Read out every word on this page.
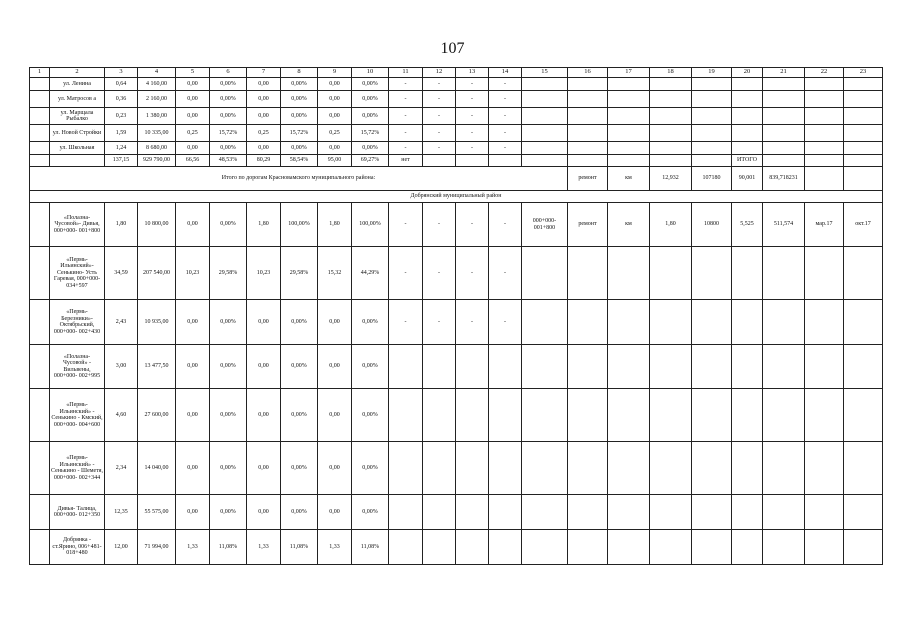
107
1	2	3	4	5	6	7	8	9	10	11	12	13	14	15	16	17	18	19	20	21	22	23
	ул. Ленина	0,64	4 160,00	0,00	0,00%	0,00	0,00%	0,00	0,00%	-	-	-	-									
	ул. Матросов а	0,36	2 160,00	0,00	0,00%	0,00	0,00%	0,00	0,00%	-	-	-	-									
	ул. Марщала Рыбалко	0,23	1 380,00	0,00	0,00%	0,00	0,00%	0,00	0,00%	-	-	-	-									
	ул. Новой Стройки	1,59	10 335,00	0,25	15,72%	0,25	15,72%	0,25	15,72%	-	-	-	-									
	ул. Школьная	1,24	8 680,00	0,00	0,00%	0,00	0,00%	0,00	0,00%	-	-	-	-									
		137,15	929 790,00	66,56	48,53%	80,29	58,54%	95,00	69,27%	нет									ИТОГО			
Итого по дорогам Красновамского муниципального района:															ремонт	км	12,932	107180	90,001	839,718231		
Добрянский муниципальный район																						
	«Полазна- Чусовой»- Дивья, 000+000- 001+800	1,80	10 800,00	0,00	0,00%	1,80	100,00%	1,80	100,00%	-	-	-	-	000+000- 001+800	ремонт	км	1,80	10800	5,525	511,574	мар.17	окт.17
	«Пермь- Ильинский»- Сенькино- Усть Гаревая, 000+000- 034+597	34,59	207 540,00	10,23	29,58%	10,23	29,58%	15,32	44,29%	-	-	-	-									
	«Пермь- Березники»- Октябрьский, 000+000- 002+430	2,43	10 935,00	0,00	0,00%	0,00	0,00%	0,00	0,00%	-	-	-	-									
	«Полазна- Чусовой» - Вильвены, 000+000- 002+995	3,00	13 477,50	0,00	0,00%	0,00	0,00%	0,00	0,00%													
	«Пермь- Ильинский» - Сенькино - Кмский, 000+000- 004+600	4,60	27 600,00	0,00	0,00%	0,00	0,00%	0,00	0,00%													
	«Пермь- Ильинский» - Сенькино - Шеметя, 000+000- 002+344	2,34	14 040,00	0,00	0,00%	0,00	0,00%	0,00	0,00%													
	Дивья- Талица, 000+000- 012+350	12,35	55 575,00	0,00	0,00%	0,00	0,00%	0,00	0,00%													
	Добрянка - ст.Ярино, 006+481- 018+480	12,00	71 994,00	1,33	11,08%	1,33	11,08%	1,33	11,08%													
